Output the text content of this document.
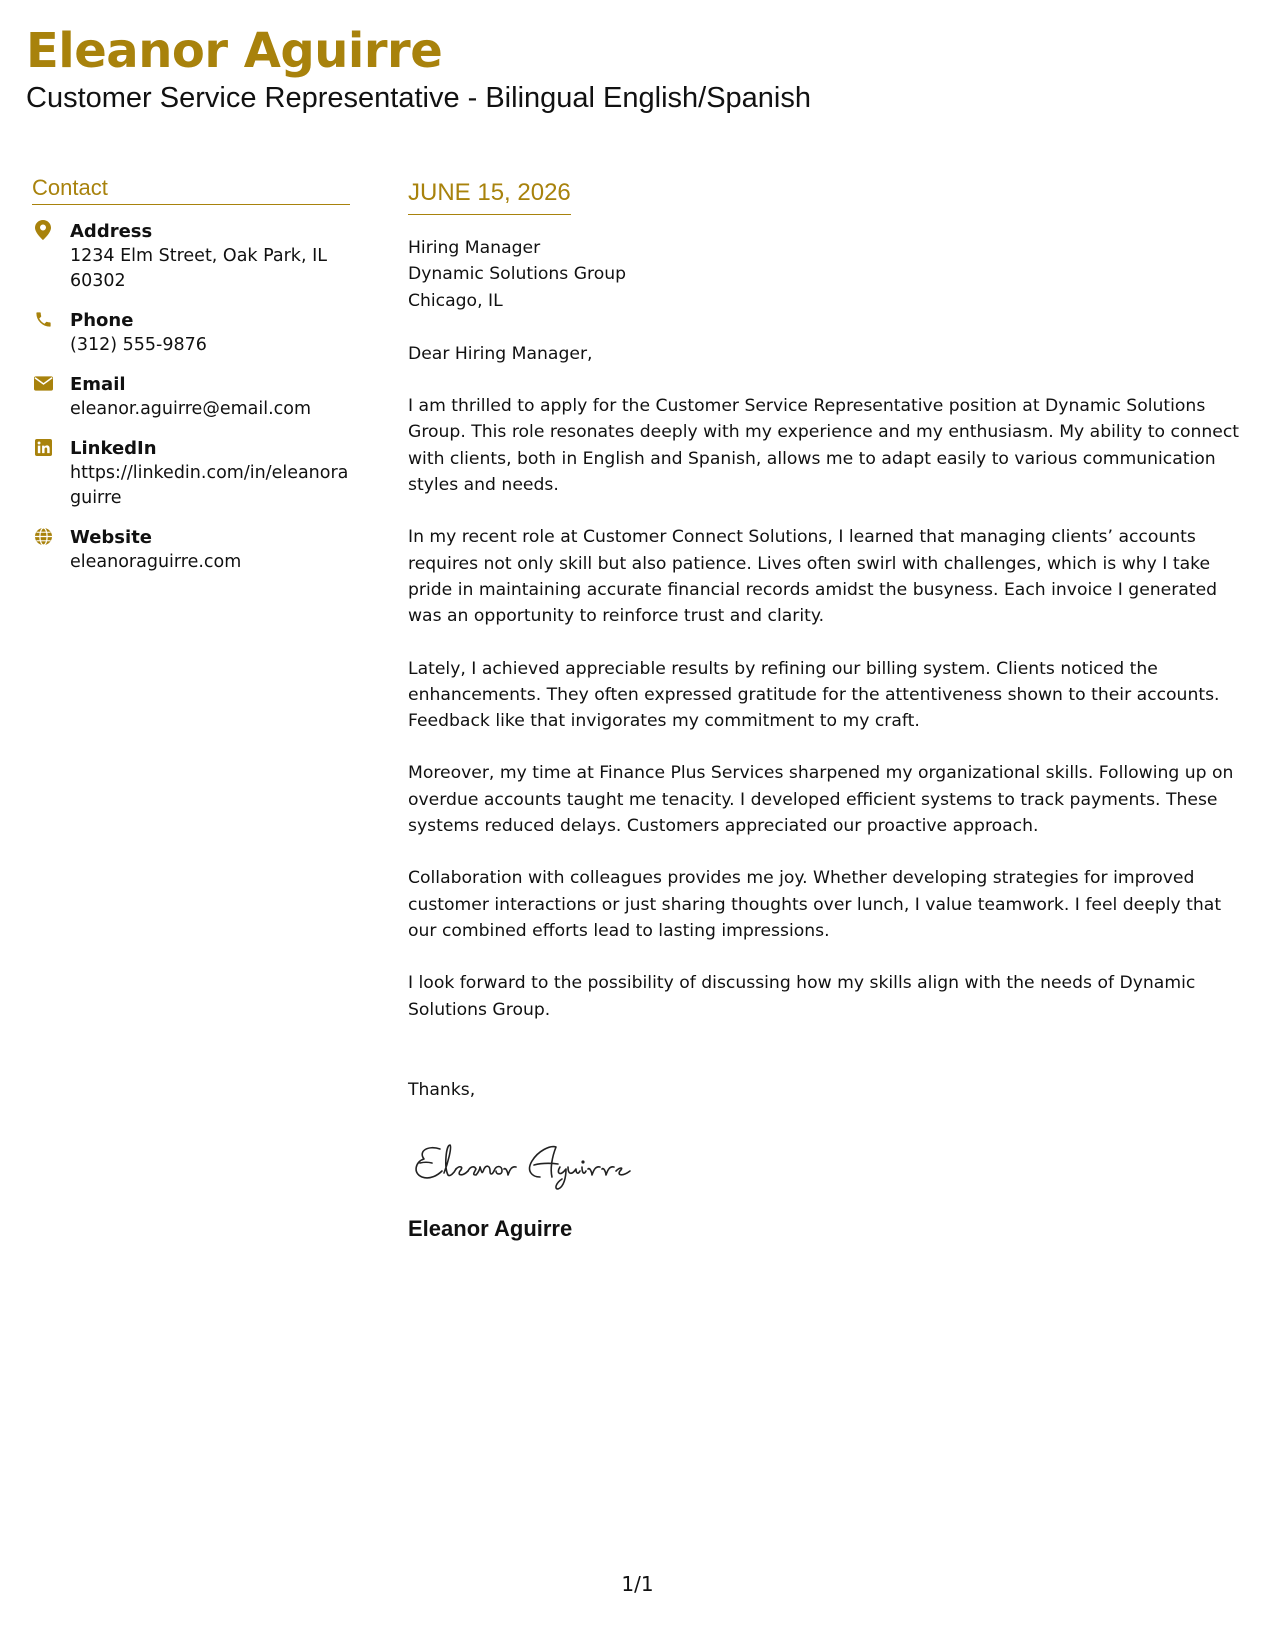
Eleanor Aguirre
Customer Service Representative - Bilingual English/Spanish
Contact
Address
1234 Elm Street, Oak Park, IL 60302
Phone
(312) 555-9876
Email
eleanor.aguirre@email.com
LinkedIn
https://linkedin.com/in/eleanoraguirre
Website
eleanoraguirre.com
JUNE 15, 2026
Hiring Manager
Dynamic Solutions Group
Chicago, IL
Dear Hiring Manager,

I am thrilled to apply for the Customer Service Representative position at Dynamic Solutions Group. This role resonates deeply with my experience and my enthusiasm. My ability to connect with clients, both in English and Spanish, allows me to adapt easily to various communication styles and needs.

In my recent role at Customer Connect Solutions, I learned that managing clients’ accounts requires not only skill but also patience. Lives often swirl with challenges, which is why I take pride in maintaining accurate financial records amidst the busyness. Each invoice I generated was an opportunity to reinforce trust and clarity.

Lately, I achieved appreciable results by refining our billing system. Clients noticed the enhancements. They often expressed gratitude for the attentiveness shown to their accounts. Feedback like that invigorates my commitment to my craft.

Moreover, my time at Finance Plus Services sharpened my organizational skills. Following up on overdue accounts taught me tenacity. I developed efficient systems to track payments. These systems reduced delays. Customers appreciated our proactive approach.

Collaboration with colleagues provides me joy. Whether developing strategies for improved customer interactions or just sharing thoughts over lunch, I value teamwork. I feel deeply that our combined efforts lead to lasting impressions.

I look forward to the possibility of discussing how my skills align with the needs of Dynamic Solutions Group.

Thanks,
Eleanor Aguirre
1/1
